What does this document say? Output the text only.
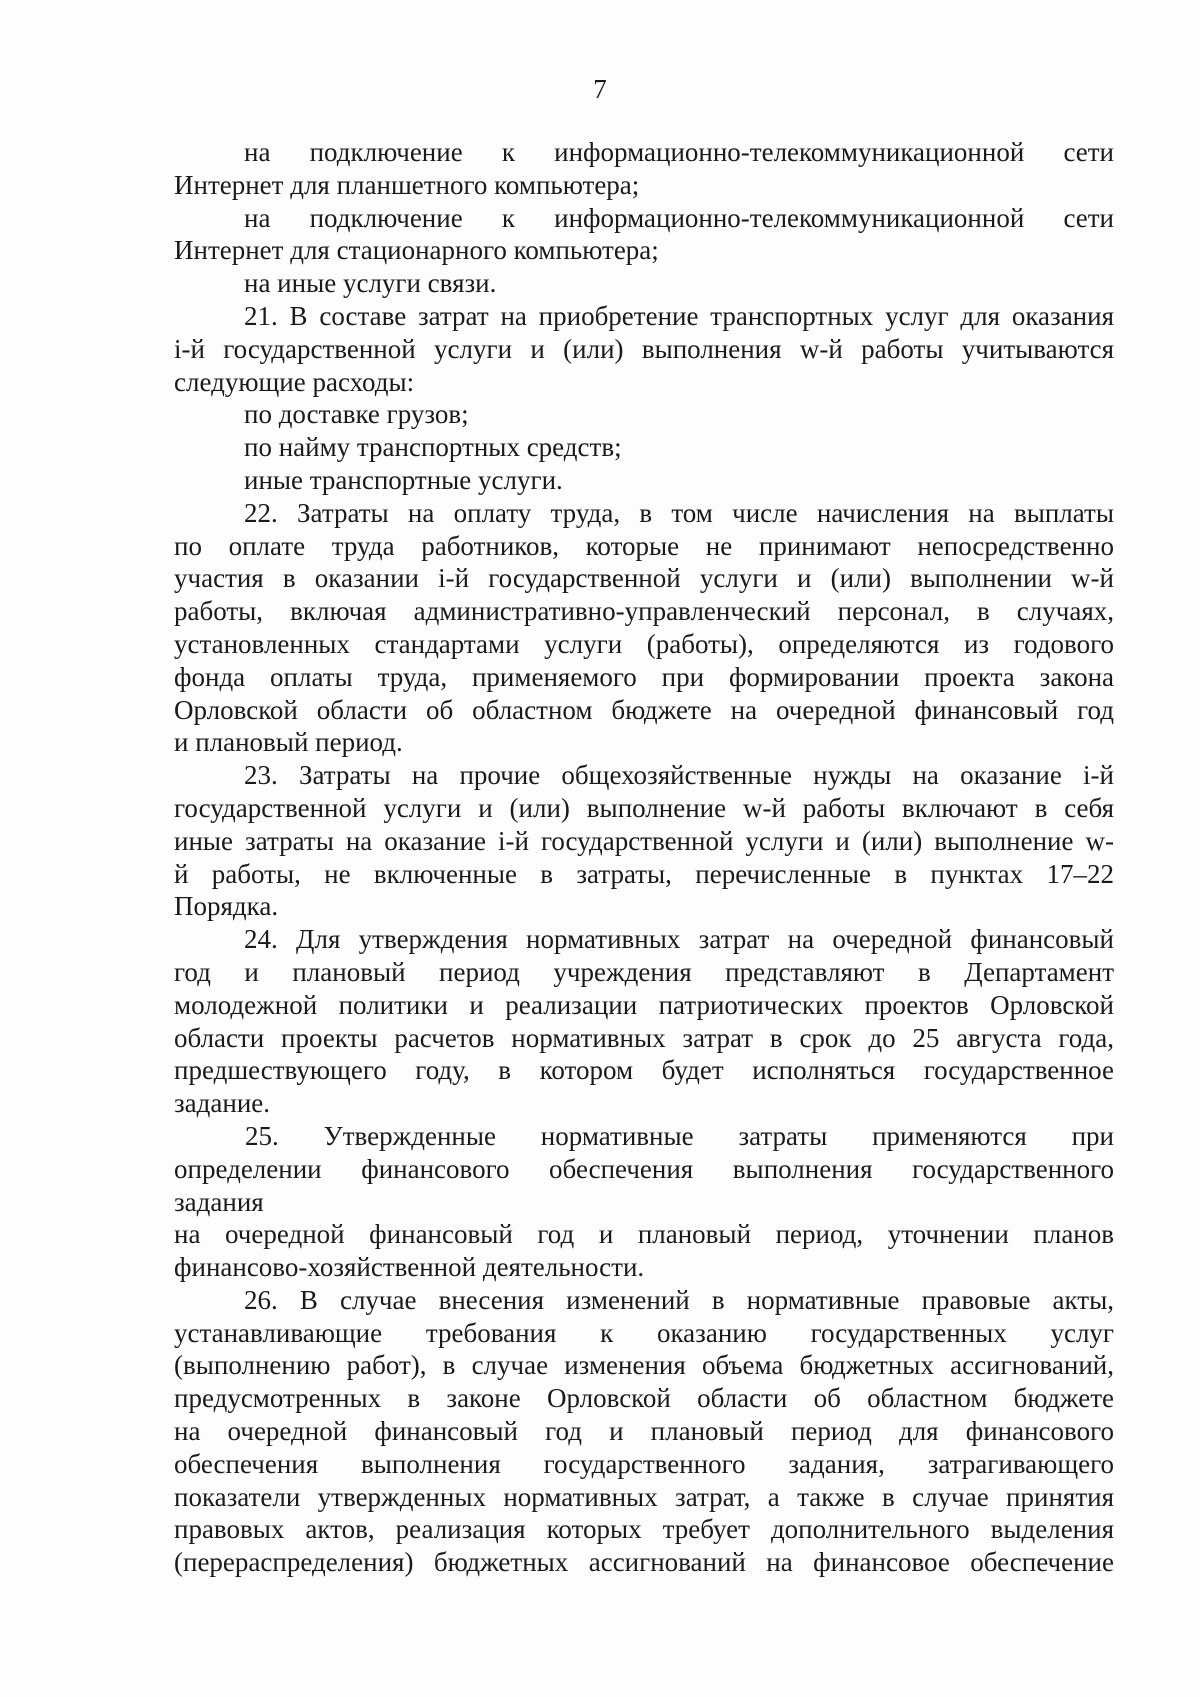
7
на подключение к информационно-телекоммуникационной сети
Интернет для планшетного компьютера;
на подключение к информационно-телекоммуникационной сети
Интернет для стационарного компьютера;
на иные услуги связи.
21. В составе затрат на приобретение транспортных услуг для оказания
i-й государственной услуги и (или) выполнения w-й работы учитываются
следующие расходы:
по доставке грузов;
по найму транспортных средств;
иные транспортные услуги.
22. Затраты на оплату труда, в том числе начисления на выплаты
по оплате труда работников, которые не принимают непосредственно
участия в оказании i-й государственной услуги и (или) выполнении w-й
работы, включая административно-управленческий персонал, в случаях,
установленных стандартами услуги (работы), определяются из годового
фонда оплаты труда, применяемого при формировании проекта закона
Орловской области об областном бюджете на очередной финансовый год
и плановый период.
23. Затраты на прочие общехозяйственные нужды на оказание i-й
государственной услуги и (или) выполнение w-й работы включают в себя
иные затраты на оказание i-й государственной услуги и (или) выполнение w-
й работы, не включенные в затраты, перечисленные в пунктах 17–22
Порядка.
24. Для утверждения нормативных затрат на очередной финансовый
год и плановый период учреждения представляют в Департамент
молодежной политики и реализации патриотических проектов Орловской
области проекты расчетов нормативных затрат в срок до 25 августа года,
предшествующего году, в котором будет исполняться государственное
задание.
25. Утвержденные нормативные затраты применяются при
определении финансового обеспечения выполнения государственного
задания
на очередной финансовый год и плановый период, уточнении планов
финансово-хозяйственной деятельности.
26. В случае внесения изменений в нормативные правовые акты,
устанавливающие требования к оказанию государственных услуг
(выполнению работ), в случае изменения объема бюджетных ассигнований,
предусмотренных в законе Орловской области об областном бюджете
на очередной финансовый год и плановый период для финансового
обеспечения выполнения государственного задания, затрагивающего
показатели утвержденных нормативных затрат, а также в случае принятия
правовых актов, реализация которых требует дополнительного выделения
(перераспределения) бюджетных ассигнований на финансовое обеспечение
